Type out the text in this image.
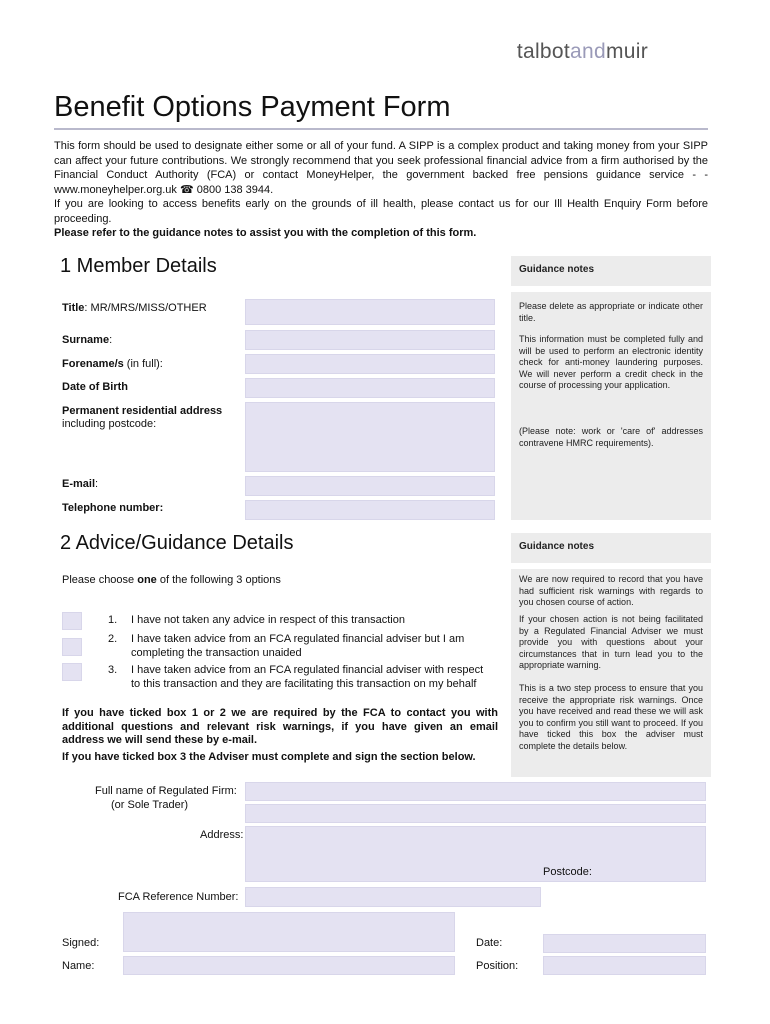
talbotandmuir
Benefit Options Payment Form

This form should be used to designate either some or all of your fund. A SIPP is a complex product and taking money from your SIPP can affect your future contributions. We strongly recommend that you seek professional financial advice from a firm authorised by the Financial Conduct Authority (FCA) or contact MoneyHelper, the government backed free pensions guidance service - - www.moneyhelper.org.uk ☎ 0800 138 3944.

If you are looking to access benefits early on the grounds of ill health, please contact us for our Ill Health Enquiry Form before proceeding.

Please refer to the guidance notes to assist you with the completion of this form.

1 Member Details	Guidance notes
Please delete as appropriate or indicate other title.
This information must be completed fully and will be used to perform an electronic identity check for anti-money laundering purposes. We will never perform a credit check in the course of processing your application.
(Please note: work or 'care of' addresses contravene HMRC requirements).
Title: MR/MRS/MISS/OTHER
Surname:
Forename/s (in full):
Date of Birth
Permanent residential address
including postcode:
E-mail:
Telephone number:
2 Advice/Guidance Details	Guidance notes
We are now required to record that you have had sufficient risk warnings with regards to you chosen course of action.
If your chosen action is not being facilitated by a Regulated Financial Adviser we must provide you with questions about your circumstances that in turn lead you to the appropriate warning.
This is a two step process to ensure that you receive the appropriate risk warnings. Once you have received and read these we will ask you to confirm you still want to proceed. If you have ticked this box the adviser must complete the details below.
Please choose one of the following 3 options
1. I have not taken any advice in respect of this transaction
2. I have taken advice from an FCA regulated financial adviser but I am completing the transaction unaided
3. I have taken advice from an FCA regulated financial adviser with respect to this transaction and they are facilitating this transaction on my behalf
If you have ticked box 1 or 2 we are required by the FCA to contact you with additional questions and relevant risk warnings, if you have given an email address we will send these by e-mail.
If you have ticked box 3 the Adviser must complete and sign the section below.
Full name of Regulated Firm:
(or Sole Trader)
Address:
Postcode:
FCA Reference Number:
Signed:	Date:
Name:	Position:
